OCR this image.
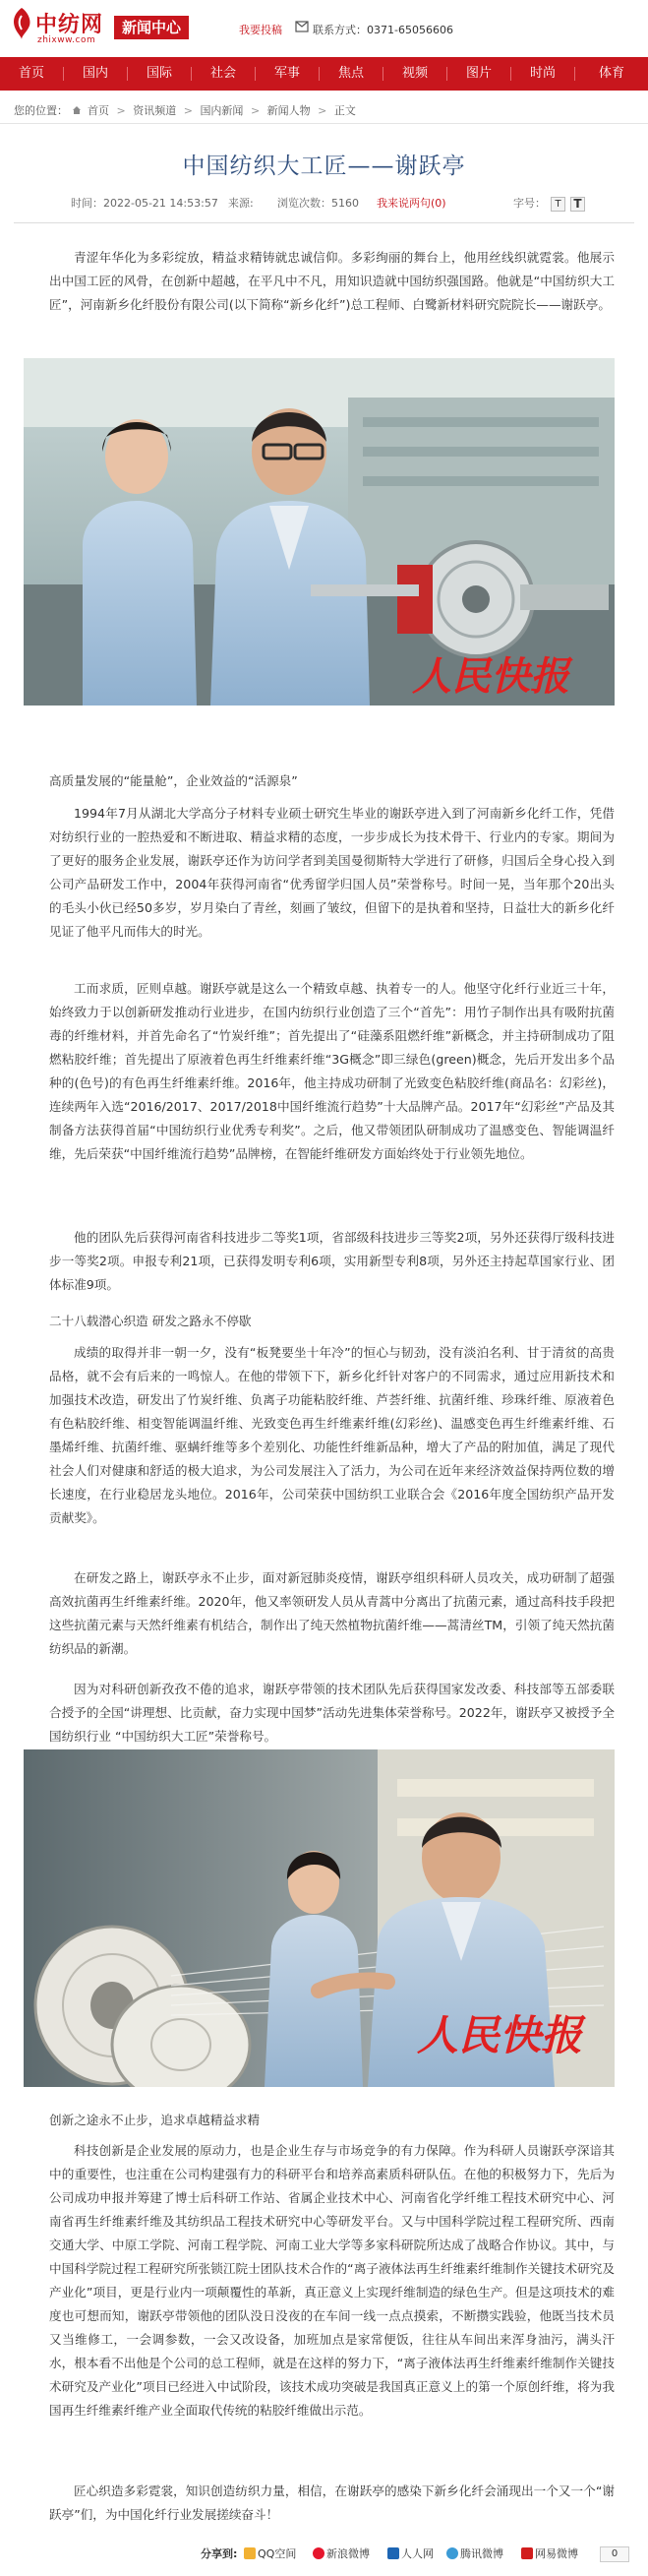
中纺网
zhixww.com
新闻中心	我要投稿	联系方式：0371-65056606
首页	国内	国际	社会	军事	焦点	视频	图片	时尚	体育
您的位置： 首页 > 资讯频道 > 国内新闻 > 新闻人物 > 正文
中国纺织大工匠——谢跃亭
时间：2022-05-21 14:53:57 来源: 浏览次数：5160 我来说两句(0)	字号： T	T

青涩年华化为多彩绽放，精益求精铸就忠诚信仰。多彩绚丽的舞台上，他用丝线织就霓裳。他展示出中国工匠的风骨，在创新中超越，在平凡中不凡，用知识造就中国纺织强国路。他就是“中国纺织大工匠”，河南新乡化纤股份有限公司(以下简称“新乡化纤”)总工程师、白鹭新材料研究院院长——谢跃亭。

人民快报
高质量发展的“能量舱”，企业效益的“活源泉”

1994年7月从湖北大学高分子材料专业硕士研究生毕业的谢跃亭进入到了河南新乡化纤工作，凭借对纺织行业的一腔热爱和不断进取、精益求精的态度，一步步成长为技术骨干、行业内的专家。期间为了更好的服务企业发展，谢跃亭还作为访问学者到美国曼彻斯特大学进行了研修，归国后全身心投入到公司产品研发工作中，2004年获得河南省“优秀留学归国人员”荣誉称号。时间一晃，当年那个20出头的毛头小伙已经50多岁，岁月染白了青丝，刻画了皱纹，但留下的是执着和坚持，日益壮大的新乡化纤见证了他平凡而伟大的时光。

工而求质，匠则卓越。谢跃亭就是这么一个精致卓越、执着专一的人。他坚守化纤行业近三十年，始终致力于以创新研发推动行业进步，在国内纺织行业创造了三个“首先”：用竹子制作出具有吸附抗菌毒的纤维材料，并首先命名了“竹炭纤维”；首先提出了“硅藻系阻燃纤维”新概念，并主持研制成功了阻燃粘胶纤维；首先提出了原液着色再生纤维素纤维“3G概念”即三绿色(green)概念，先后开发出多个品种的(色号)的有色再生纤维素纤维。2016年，他主持成功研制了光致变色粘胶纤维(商品名：幻彩丝)，连续两年入选“2016/2017、2017/2018中国纤维流行趋势”十大品牌产品。2017年“幻彩丝”产品及其制备方法获得首届“中国纺织行业优秀专利奖”。之后，他又带领团队研制成功了温感变色、智能调温纤维，先后荣获“中国纤维流行趋势”品牌榜，在智能纤维研发方面始终处于行业领先地位。

他的团队先后获得河南省科技进步二等奖1项，省部级科技进步三等奖2项，另外还获得厅级科技进步一等奖2项。申报专利21项，已获得发明专利6项，实用新型专利8项，另外还主持起草国家行业、团体标准9项。

二十八载潜心织造 研发之路永不停歇

成绩的取得并非一朝一夕，没有“板凳要坐十年冷”的恒心与韧劲，没有淡泊名利、甘于清贫的高贵品格，就不会有后来的一鸣惊人。在他的带领下下，新乡化纤针对客户的不同需求，通过应用新技术和加强技术改造，研发出了竹炭纤维、负离子功能粘胶纤维、芦荟纤维、抗菌纤维、珍珠纤维、原液着色有色粘胶纤维、相变智能调温纤维、光致变色再生纤维素纤维(幻彩丝)、温感变色再生纤维素纤维、石墨烯纤维、抗菌纤维、驱螨纤维等多个差别化、功能性纤维新品种，增大了产品的附加值，满足了现代社会人们对健康和舒适的极大追求，为公司发展注入了活力，为公司在近年来经济效益保持两位数的增长速度，在行业稳居龙头地位。2016年，公司荣获中国纺织工业联合会《2016年度全国纺织产品开发贡献奖》。

在研发之路上，谢跃亭永不止步，面对新冠肺炎疫情，谢跃亭组织科研人员攻关，成功研制了超强高效抗菌再生纤维素纤维。2020年，他又率领研发人员从青蒿中分离出了抗菌元素，通过高科技手段把这些抗菌元素与天然纤维素有机结合，制作出了纯天然植物抗菌纤维——蒿清丝TM，引领了纯天然抗菌纺织品的新潮。

因为对科研创新孜孜不倦的追求，谢跃亭带领的技术团队先后获得国家发改委、科技部等五部委联合授予的全国“讲理想、比贡献，奋力实现中国梦”活动先进集体荣誉称号。2022年，谢跃亭又被授予全国纺织行业 “中国纺织大工匠”荣誉称号。

人民快报
创新之途永不止步，追求卓越精益求精

科技创新是企业发展的原动力，也是企业生存与市场竞争的有力保障。作为科研人员谢跃亭深谙其中的重要性，也注重在公司构建强有力的科研平台和培养高素质科研队伍。在他的积极努力下，先后为公司成功申报并筹建了博士后科研工作站、省属企业技术中心、河南省化学纤维工程技术研究中心、河南省再生纤维素纤维及其纺织品工程技术研究中心等研发平台。又与中国科学院过程工程研究所、西南交通大学、中原工学院、河南工程学院、河南工业大学等多家科研院所达成了战略合作协议。其中，与中国科学院过程工程研究所张锁江院士团队技术合作的“离子液体法再生纤维素纤维制作关键技术研究及产业化”项目，更是行业内一项颠覆性的革新，真正意义上实现纤维制造的绿色生产。但是这项技术的难度也可想而知，谢跃亭带领他的团队没日没夜的在车间一线一点点摸索，不断攒实践验，他既当技术员又当维修工，一会调参数，一会又改设备，加班加点是家常便饭，往往从车间出来浑身油污，满头汗水，根本看不出他是个公司的总工程师，就是在这样的努力下，“离子液体法再生纤维素纤维制作关键技术研究及产业化”项目已经进入中试阶段，该技术成功突破是我国真正意义上的第一个原创纤维，将为我国再生纤维素纤维产业全面取代传统的粘胶纤维做出示范。

匠心织造多彩霓裳，知识创造纺织力量，相信，在谢跃亭的感染下新乡化纤会涌现出一个又一个“谢跃亭”们，为中国化纤行业发展搓续奋斗！

分享到:	QQ空间	新浪微博	人人网	腾讯微博	网易微博	0
